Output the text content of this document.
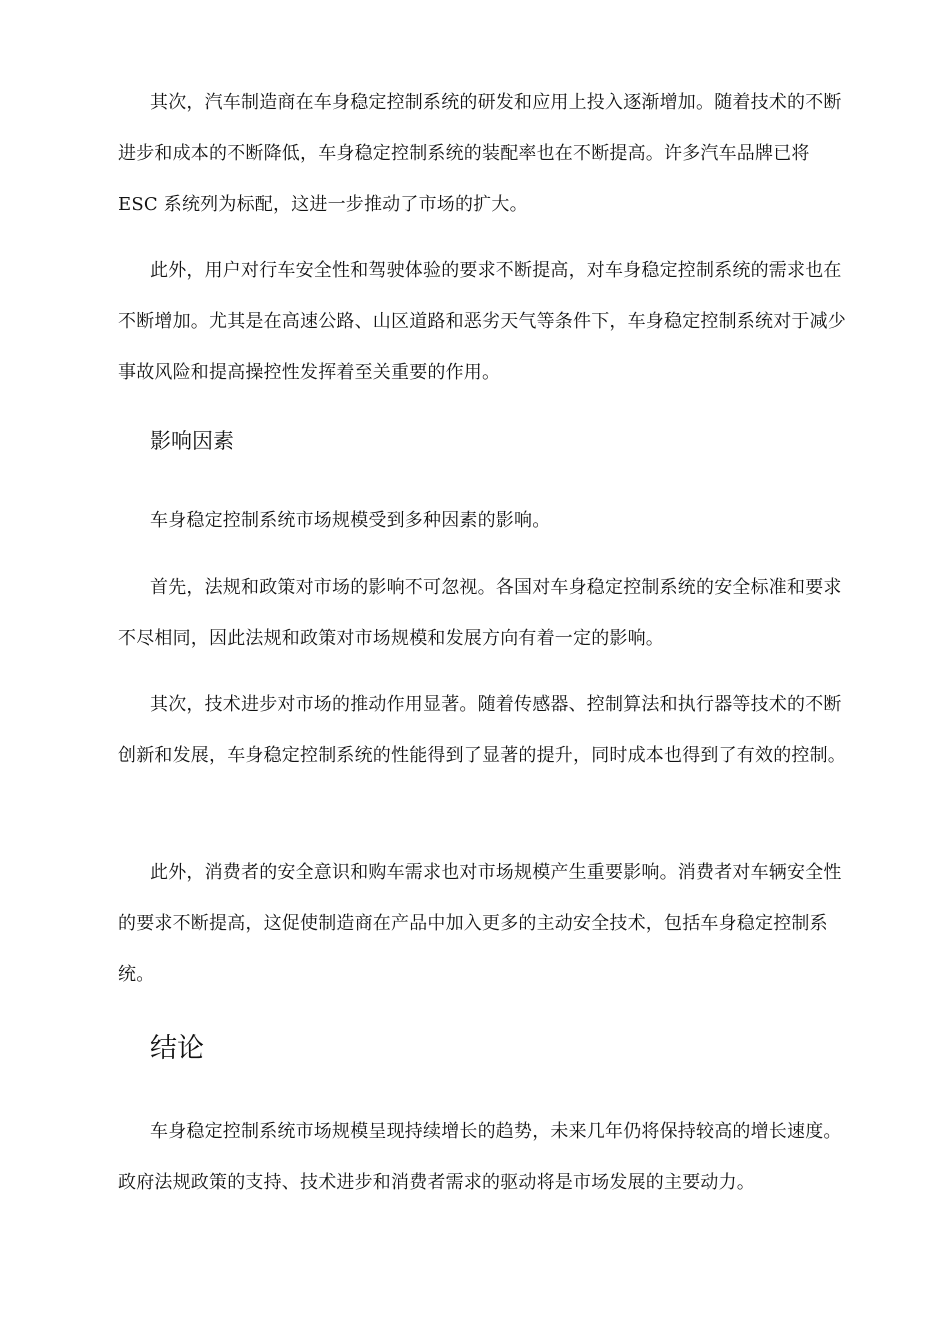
其次，汽车制造商在车身稳定控制系统的研发和应用上投入逐渐增加。随着技术的不断进步和成本的不断降低，车身稳定控制系统的装配率也在不断提高。许多汽车品牌已将 ESC 系统列为标配，这进一步推动了市场的扩大。

此外，用户对行车安全性和驾驶体验的要求不断提高，对车身稳定控制系统的需求也在不断增加。尤其是在高速公路、山区道路和恶劣天气等条件下，车身稳定控制系统对于减少事故风险和提高操控性发挥着至关重要的作用。

影响因素

车身稳定控制系统市场规模受到多种因素的影响。

首先，法规和政策对市场的影响不可忽视。各国对车身稳定控制系统的安全标准和要求不尽相同，因此法规和政策对市场规模和发展方向有着一定的影响。

其次，技术进步对市场的推动作用显著。随着传感器、控制算法和执行器等技术的不断创新和发展，车身稳定控制系统的性能得到了显著的提升，同时成本也得到了有效的控制。

此外，消费者的安全意识和购车需求也对市场规模产生重要影响。消费者对车辆安全性的要求不断提高，这促使制造商在产品中加入更多的主动安全技术，包括车身稳定控制系统。

结论

车身稳定控制系统市场规模呈现持续增长的趋势，未来几年仍将保持较高的增长速度。政府法规政策的支持、技术进步和消费者需求的驱动将是市场发展的主要动力。
